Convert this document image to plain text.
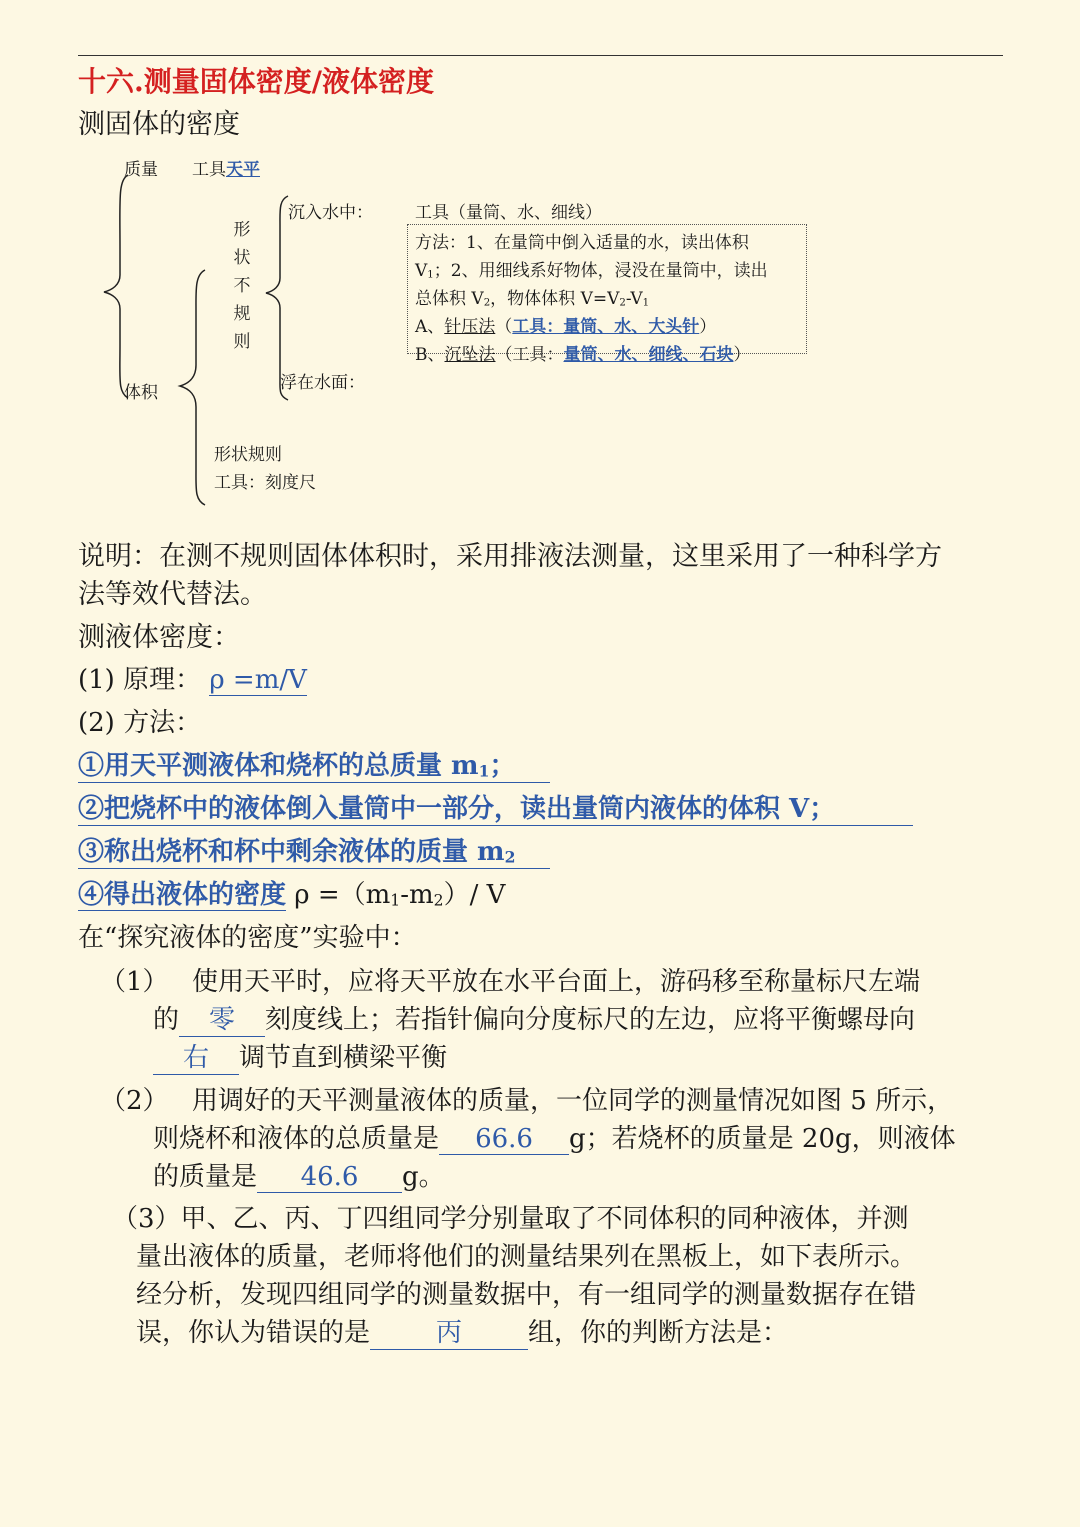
十六.测量固体密度/液体密度
测固体的密度
质量 工具天平
形
状
不
规
则
体积
沉入水中：
浮在水面：
工具（量筒、水、细线）
方法：1、在量筒中倒入适量的水，读出体积
$V_1$；2、用细线系好物体，浸没在量筒中，读出
总体积 $V_2$，物体体积 $V=V_2-V_1$
A、针压法（工具：量筒、水、大头针）
B、沉坠法（工具：量筒、水、细线、石块）
形状规则
工具：刻度尺
说明：在测不规则固体体积时，采用排液法测量，这里采用了一种科学方
法等效代替法。
测液体密度：
(1) 原理： ρ =m/V
(2) 方法：
①用天平测液体和烧杯的总质量 $m_1$；
②把烧杯中的液体倒入量筒中一部分，读出量筒内液体的体积 V；
③称出烧杯和杯中剩余液体的质量 $m_2$
④得出液体的密度 $\rho =(m_1-m_2)/$ V
在“探究液体的密度”实验中：
（1） 使用天平时，应将天平放在水平台面上，游码移至称量标尺左端
的 零 刻度线上；若指针偏向分度标尺的左边，应将平衡螺母向
右 调节直到横梁平衡
（2） 用调好的天平测量液体的质量，一位同学的测量情况如图 5 所示，
则烧杯和液体的总质量是 66.6 g；若烧杯的质量是 20g，则液体
的质量是 46.6 g。
（3）甲、乙、丙、丁四组同学分别量取了不同体积的同种液体，并测
量出液体的质量，老师将他们的测量结果列在黑板上，如下表所示。
经分析，发现四组同学的测量数据中，有一组同学的测量数据存在错
误，你认为错误的是	丙	组，你的判断方法是：
